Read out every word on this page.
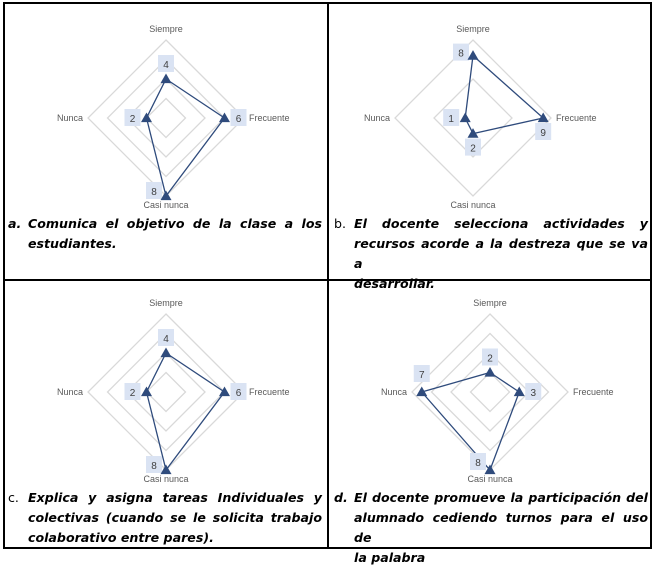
Siempre
Frecuente
Casi nunca
Nunca
4
6
8
2
Siempre
Frecuente
Casi nunca
Nunca
8
9
2
1
Siempre
Frecuente
Casi nunca
Nunca
4
6
8
2
Siempre
Frecuente
Casi nunca
Nunca
2
3
8
7
a. Comunica el objetivo de la clase a los
estudiantes.
b. El docente selecciona actividades y
recursos acorde a la destreza que se va a
desarrollar.
c. Explica y asigna tareas Individuales y
colectivas (cuando se le solicita trabajo
colaborativo entre pares).
d. El docente promueve la participación del
alumnado cediendo turnos para el uso de
la palabra
